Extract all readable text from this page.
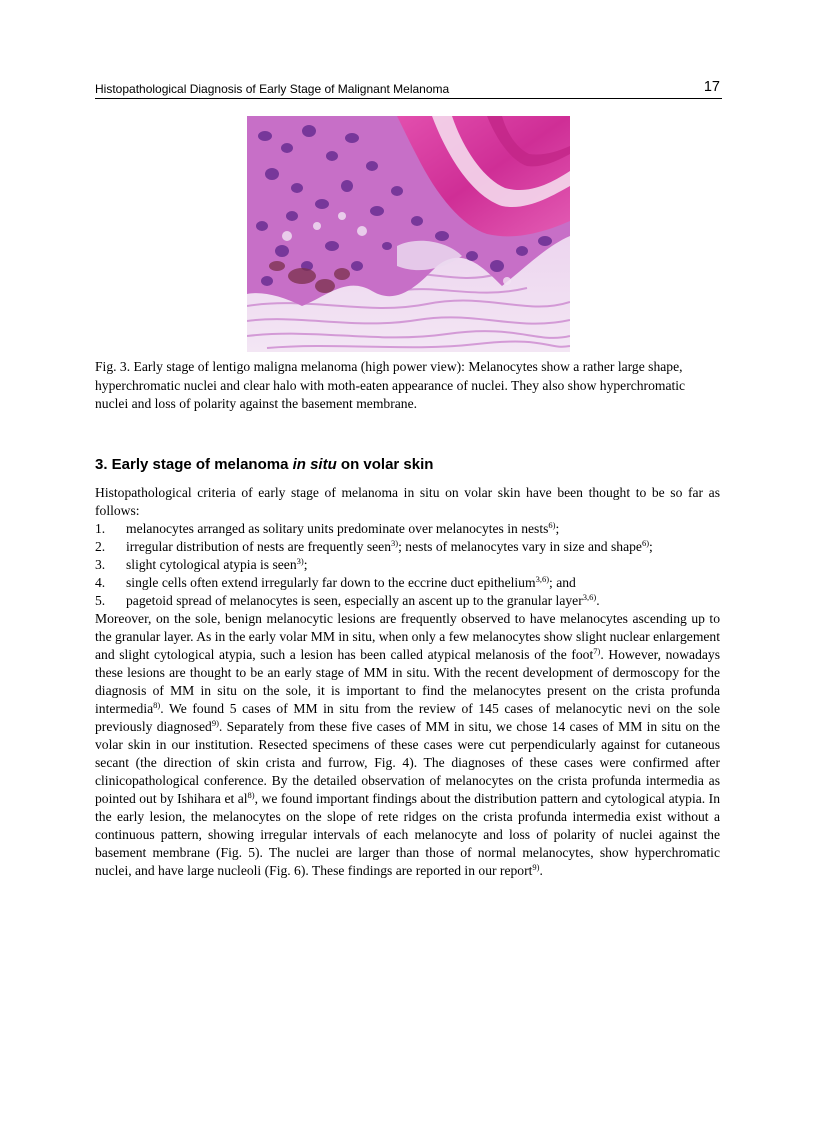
Histopathological Diagnosis of Early Stage of Malignant Melanoma	17

Fig. 3. Early stage of lentigo maligna melanoma (high power view): Melanocytes show a rather large shape, hyperchromatic nuclei and clear halo with moth-eaten appearance of nuclei. They also show hyperchromatic nuclei and loss of polarity against the basement membrane.

3. Early stage of melanoma in situ on volar skin

Histopathological criteria of early stage of melanoma in situ on volar skin have been thought to be so far as follows:

1. melanocytes arranged as solitary units predominate over melanocytes in nests$^{6)}$;
2. irregular distribution of nests are frequently seen$^{3)}$; nests of melanocytes vary in size and shape$^{6)}$;
3. slight cytological atypia is seen$^{3)}$;
4. single cells often extend irregularly far down to the eccrine duct epithelium$^{3,6)}$; and
5. pagetoid spread of melanocytes is seen, especially an ascent up to the granular layer$^{3,6)}$.

Moreover, on the sole, benign melanocytic lesions are frequently observed to have melanocytes ascending up to the granular layer. As in the early volar MM in situ, when only a few melanocytes show slight nuclear enlargement and slight cytological atypia, such a lesion has been called atypical melanosis of the foot$^{7)}$. However, nowadays these lesions are thought to be an early stage of MM in situ. With the recent development of dermoscopy for the diagnosis of MM in situ on the sole, it is important to find the melanocytes present on the crista profunda intermedia$^{8)}$. We found 5 cases of MM in situ from the review of 145 cases of melanocytic nevi on the sole previously diagnosed$^{9)}$. Separately from these five cases of MM in situ, we chose 14 cases of MM in situ on the volar skin in our institution. Resected specimens of these cases were cut perpendicularly against for cutaneous secant (the direction of skin crista and furrow, Fig. 4). The diagnoses of these cases were confirmed after clinicopathological conference. By the detailed observation of melanocytes on the crista profunda intermedia as pointed out by Ishihara et $al^{8)}$, we found important findings about the distribution pattern and cytological atypia. In the early lesion, the melanocytes on the slope of rete ridges on the crista profunda intermedia exist without a continuous pattern, showing irregular intervals of each melanocyte and loss of polarity of nuclei against the basement membrane (Fig. 5). The nuclei are larger than those of normal melanocytes, show hyperchromatic nuclei, and have large nucleoli (Fig. 6). These findings are reported in our report$^{9)}$.
